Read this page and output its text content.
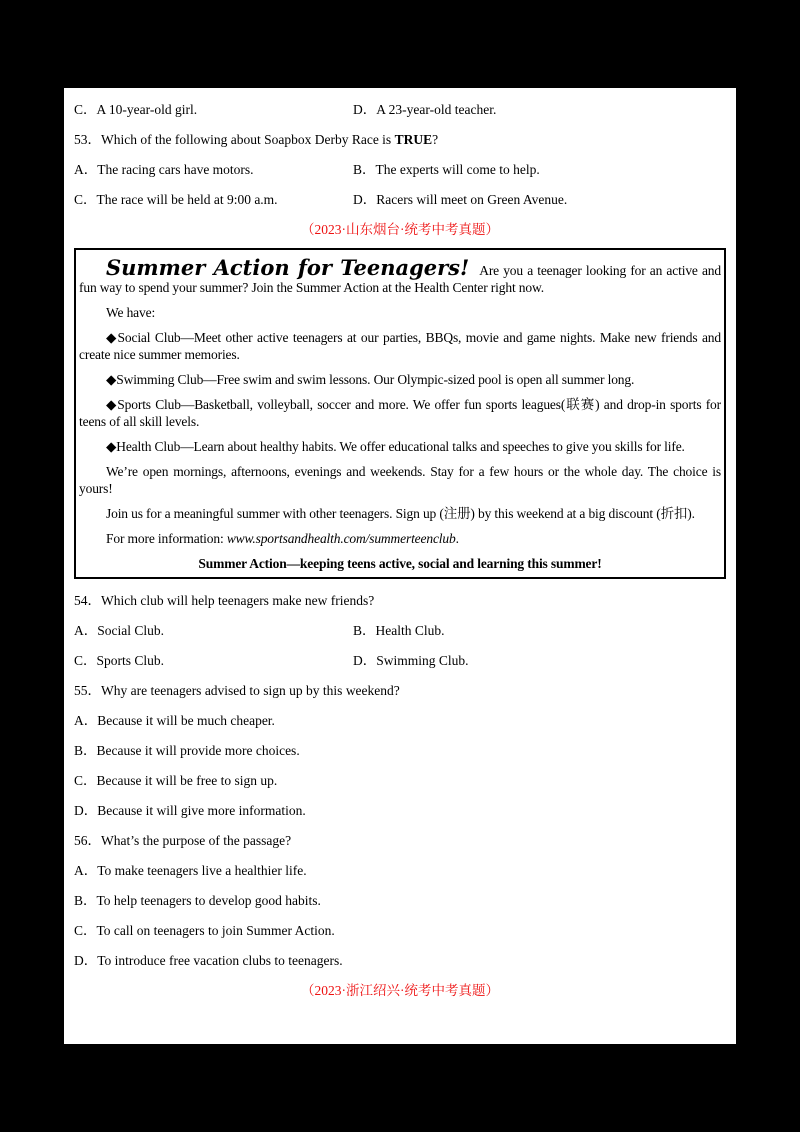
C．A 10-year-old girl.	D．A 23-year-old teacher.
53．Which of the following about Soapbox Derby Race is TRUE?
A．The racing cars have motors.	B．The experts will come to help.
C．The race will be held at 9:00 a.m.	D．Racers will meet on Green Avenue.
（2023·山东烟台·统考中考真题）

Summer Action for Teenagers! Are you a teenager looking for an active and fun way to spend your summer? Join the Summer Action at the Health Center right now.

We have:

◆Social Club—Meet other active teenagers at our parties, BBQs, movie and game nights. Make new friends and create nice summer memories.

◆Swimming Club—Free swim and swim lessons. Our Olympic-sized pool is open all summer long.

◆Sports Club—Basketball, volleyball, soccer and more. We offer fun sports leagues(联赛) and drop-in sports for teens of all skill levels.

◆Health Club—Learn about healthy habits. We offer educational talks and speeches to give you skills for life.

We’re open mornings, afternoons, evenings and weekends. Stay for a few hours or the whole day. The choice is yours!

Join us for a meaningful summer with other teenagers. Sign up (注册) by this weekend at a big discount (折扣).

For more information: www.sportsandhealth.com/summerteenclub.

Summer Action—keeping teens active, social and learning this summer!

54．Which club will help teenagers make new friends?
A．Social Club.	B．Health Club.
C．Sports Club.	D．Swimming Club.
55．Why are teenagers advised to sign up by this weekend?
A．Because it will be much cheaper.
B．Because it will provide more choices.
C．Because it will be free to sign up.
D．Because it will give more information.
56．What’s the purpose of the passage?
A．To make teenagers live a healthier life.
B．To help teenagers to develop good habits.
C．To call on teenagers to join Summer Action.
D．To introduce free vacation clubs to teenagers.
（2023·浙江绍兴·统考中考真题）
